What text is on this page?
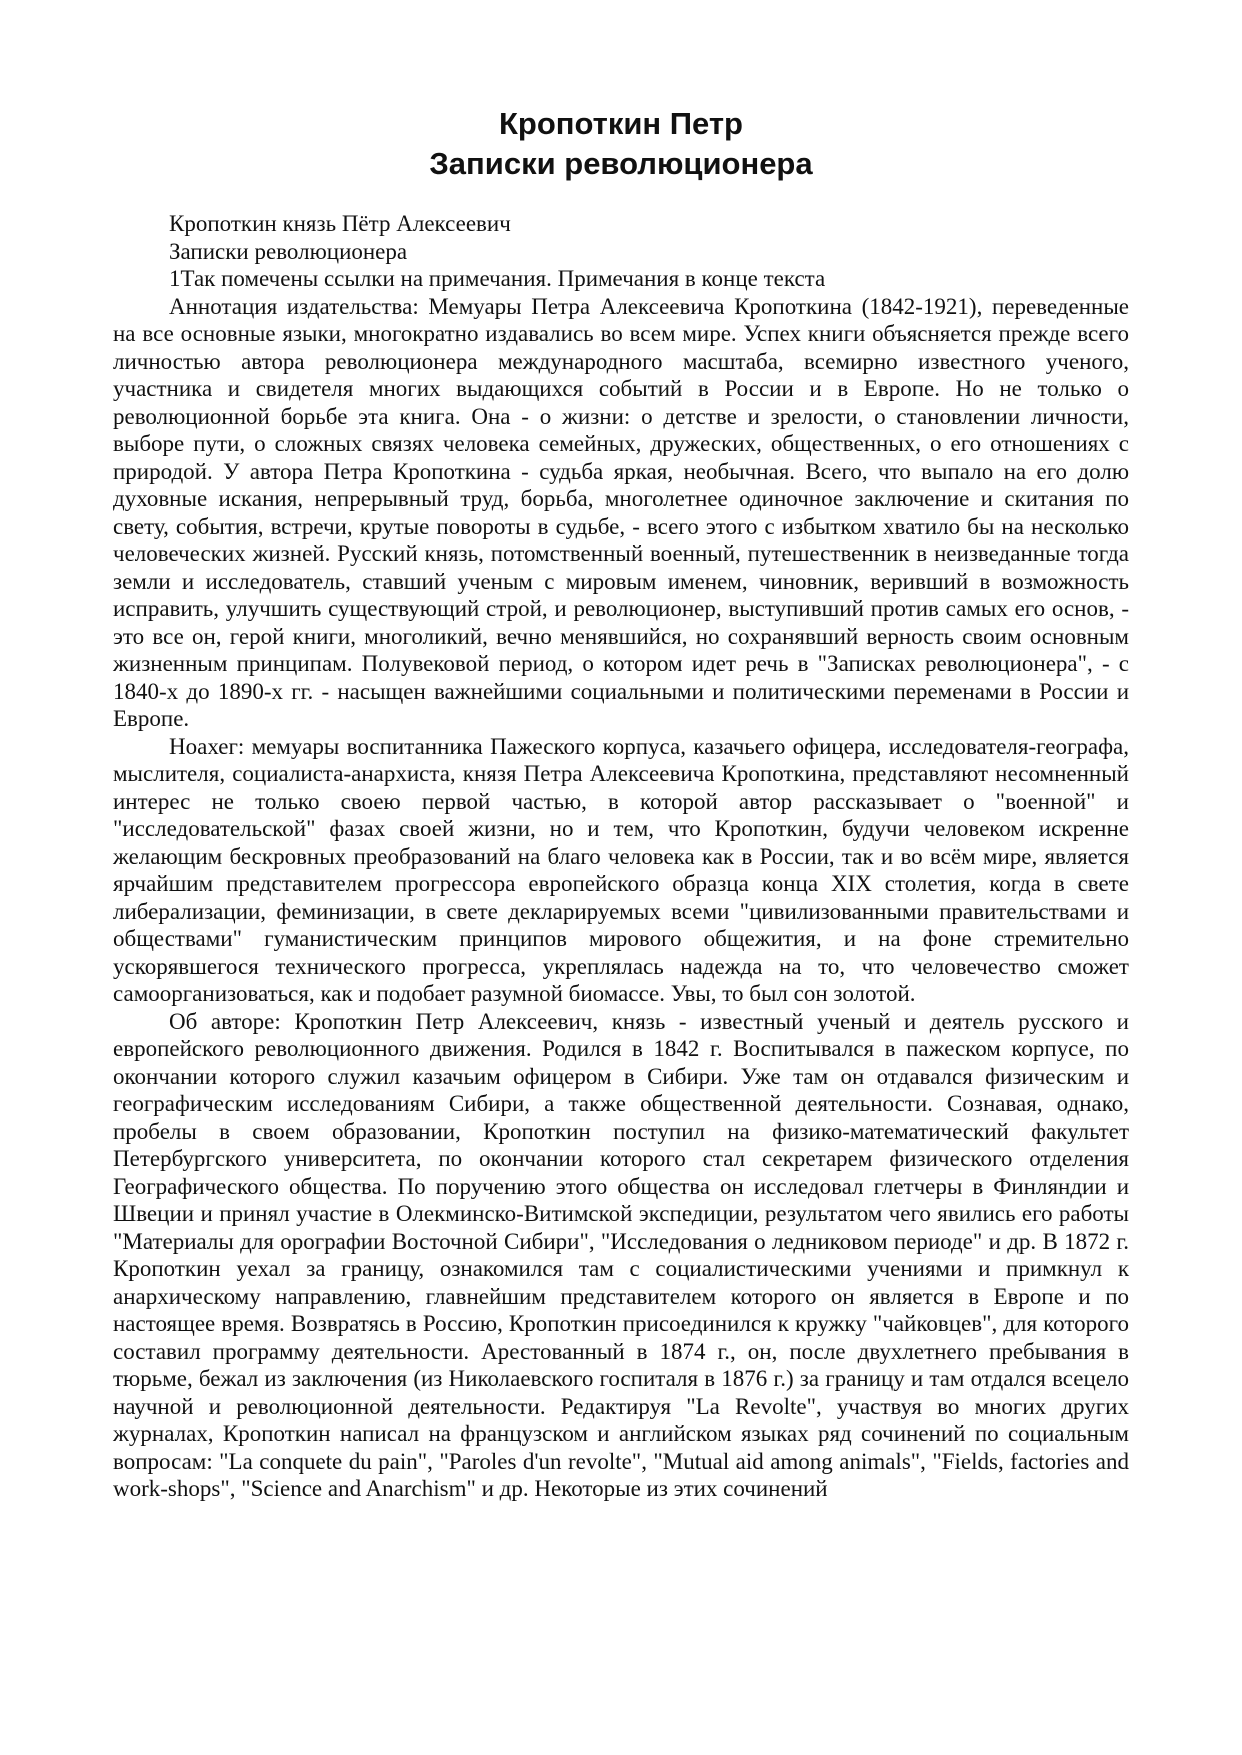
Кропоткин Петр
Записки революционера

Кропоткин князь Пётр Алексеевич

Записки революционера

1Так помечены ссылки на примечания. Примечания в конце текста

Аннотация издательства: Мемуары Петра Алексеевича Кропоткина (1842-1921), переведенные на все основные языки, многократно издавались во всем мире. Успех книги объясняется прежде всего личностью автора революционера международного масштаба, всемирно известного ученого, участника и свидетеля многих выдающихся событий в России и в Европе. Но не только о революционной борьбе эта книга. Она - о жизни: о детстве и зрелости, о становлении личности, выборе пути, о сложных связях человека семейных, дружеских, общественных, о его отношениях с природой. У автора Петра Кропоткина - судьба яркая, необычная. Всего, что выпало на его долю духовные искания, непрерывный труд, борьба, многолетнее одиночное заключение и скитания по свету, события, встречи, крутые повороты в судьбе, - всего этого с избытком хватило бы на несколько человеческих жизней. Русский князь, потомственный военный, путешественник в неизведанные тогда земли и исследователь, ставший ученым с мировым именем, чиновник, веривший в возможность исправить, улучшить существующий строй, и революционер, выступивший против самых его основ, - это все он, герой книги, многоликий, вечно менявшийся, но сохранявший верность своим основным жизненным принципам. Полувековой период, о котором идет речь в "Записках революционера", - с 1840-х до 1890-х гг. - насыщен важнейшими социальными и политическими переменами в России и Европе.

Ноахег: мемуары воспитанника Пажеского корпуса, казачьего офицера, исследователя-географа, мыслителя, социалиста-анархиста, князя Петра Алексеевича Кропоткина, представляют несомненный интерес не только своею первой частью, в которой автор рассказывает о "военной" и "исследовательской" фазах своей жизни, но и тем, что Кропоткин, будучи человеком искренне желающим бескровных преобразований на благо человека как в России, так и во всём мире, является ярчайшим представителем прогрессора европейского образца конца XIX столетия, когда в свете либерализации, феминизации, в свете декларируемых всеми "цивилизованными правительствами и обществами" гуманистическим принципов мирового общежития, и на фоне стремительно ускорявшегося технического прогресса, укреплялась надежда на то, что человечество сможет самоорганизоваться, как и подобает разумной биомассе. Увы, то был сон золотой.

Об авторе: Кропоткин Петр Алексеевич, князь - известный ученый и деятель русского и европейского революционного движения. Родился в 1842 г. Воспитывался в пажеском корпусе, по окончании которого служил казачьим офицером в Сибири. Уже там он отдавался физическим и географическим исследованиям Сибири, а также общественной деятельности. Сознавая, однако, пробелы в своем образовании, Кропоткин поступил на физико-математический факультет Петербургского университета, по окончании которого стал секретарем физического отделения Географического общества. По поручению этого общества он исследовал глетчеры в Финляндии и Швеции и принял участие в Олекминско-Витимской экспедиции, результатом чего явились его работы "Материалы для орографии Восточной Сибири", "Исследования о ледниковом периоде" и др. В 1872 г. Кропоткин уехал за границу, ознакомился там с социалистическими учениями и примкнул к анархическому направлению, главнейшим представителем которого он является в Европе и по настоящее время. Возвратясь в Россию, Кропоткин присоединился к кружку "чайковцев", для которого составил программу деятельности. Арестованный в 1874 г., он, после двухлетнего пребывания в тюрьме, бежал из заключения (из Николаевского госпиталя в 1876 г.) за границу и там отдался всецело научной и революционной деятельности. Редактируя "La Revolte", участвуя во многих других журналах, Кропоткин написал на французском и английском языках ряд сочинений по социальным вопросам: "La conquete du pain", "Paroles d'un revolte", "Mutual aid among animals", "Fields, factories and work-shops", "Science and Anarchism" и др. Некоторые из этих сочинений
